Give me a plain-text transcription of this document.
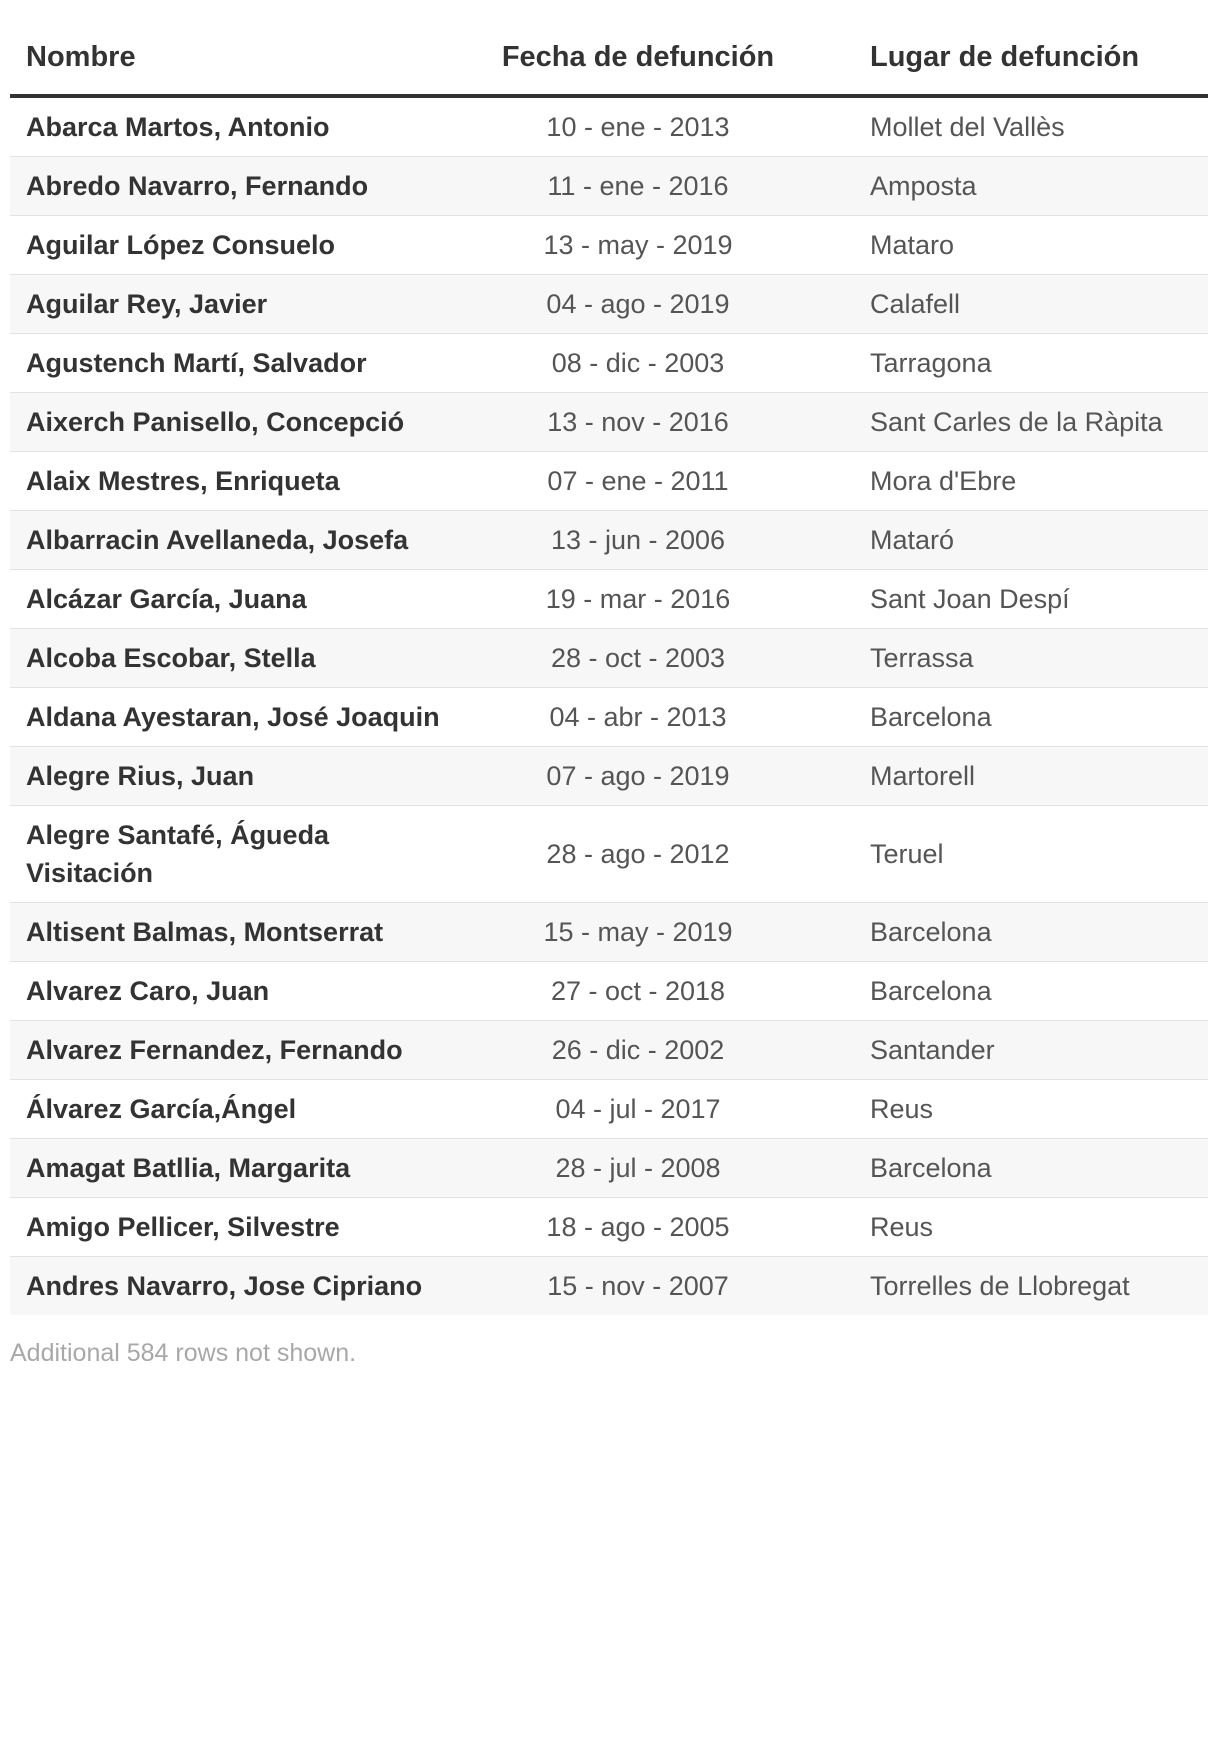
Nombre	Fecha de defunción	Lugar de defunción
Abarca Martos, Antonio	10 - ene - 2013	Mollet del Vallès
Abredo Navarro, Fernando	11 - ene - 2016	Amposta
Aguilar López Consuelo	13 - may - 2019	Mataro
Aguilar Rey, Javier	04 - ago - 2019	Calafell
Agustench Martí, Salvador	08 - dic - 2003	Tarragona
Aixerch Panisello, Concepció	13 - nov - 2016	Sant Carles de la Ràpita
Alaix Mestres, Enriqueta	07 - ene - 2011	Mora d'Ebre
Albarracin Avellaneda, Josefa	13 - jun - 2006	Mataró
Alcázar García, Juana	19 - mar - 2016	Sant Joan Despí
Alcoba Escobar, Stella	28 - oct - 2003	Terrassa
Aldana Ayestaran, José Joaquin	04 - abr - 2013	Barcelona
Alegre Rius, Juan	07 - ago - 2019	Martorell
Alegre Santafé, Águeda Visitación	28 - ago - 2012	Teruel
Altisent Balmas, Montserrat	15 - may - 2019	Barcelona
Alvarez Caro, Juan	27 - oct - 2018	Barcelona
Alvarez Fernandez, Fernando	26 - dic - 2002	Santander
Álvarez García,Ángel	04 - jul - 2017	Reus
Amagat Batllia, Margarita	28 - jul - 2008	Barcelona
Amigo Pellicer, Silvestre	18 - ago - 2005	Reus
Andres Navarro, Jose Cipriano	15 - nov - 2007	Torrelles de Llobregat
Additional 584 rows not shown.
